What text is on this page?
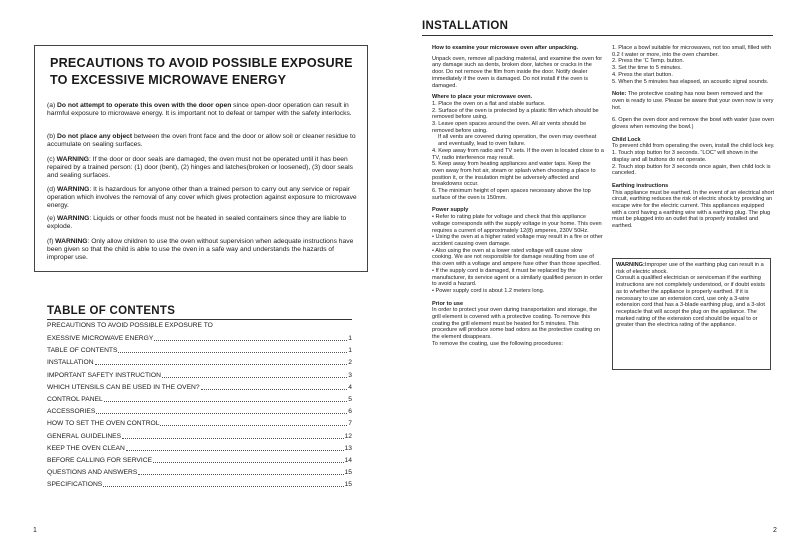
PRECAUTIONS TO AVOID POSSIBLE EXPOSURE
TO EXCESSIVE MICROWAVE ENERGY
(a) Do not attempt to operate this oven with the door open since open-door operation can result in harmful exposure to microwave energy. It is important not to defeat or tamper with the safety interlocks.
(b) Do not place any object between the oven front face and the door or allow soil or cleaner residue to accumulate on sealing surfaces.
(c) WARNING: If the door or door seals are damaged, the oven must not be operated until it has been repaired by a trained person: (1) door (bent), (2) hinges and latches(broken or loosened), (3) door seals and sealing surfaces.
(d) WARNING: It is hazardous for anyone other than a trained person to carry out any service or repair operation which involves the removal of any cover which gives protection against exposure to microwave energy.
(e) WARNING: Liquids or other foods must not be heated in sealed containers since they are liable to explode.
(f) WARNING: Only allow children to use the oven without supervision when adequate instructions have been given so that the child is able to use the oven in a safe way and understands the hazards of improper use.
TABLE OF CONTENTS
PRECAUTIONS TO AVOID POSSIBLE EXPOSURE TO
EXESSIVE MICROWAVE ENERGY	1
TABLE OF CONTENTS	1
INSTALLATION	2
IMPORTANT SAFETY INSTRUCTION	3
WHICH UTENSILS CAN BE USED IN THE OVEN?	4
CONTROL PANEL	5
ACCESSORIES	6
HOW TO SET THE OVEN CONTROL	7
GENERAL GUIDELINES	12
KEEP THE OVEN CLEAN	13
BEFORE CALLING FOR SERVICE	14
QUESTIONS AND ANSWERS	15
SPECIFICATIONS	15
1
INSTALLATION

How to examine your microwave oven after unpacking.

Unpack oven, remove all packing material, and examine the oven for any damage such as dents, broken door, latches or cracks in the door. Do not remove the film from inside the door. Notify dealer immediately if the oven is damaged. Do not install if the oven is damaged.

Where to place your microwave oven.

1. Place the oven on a flat and stable surface.

2. Surface of the oven is protected by a plastic film which should be removed before using.

3. Leave open spaces around the oven. All air vents should be removed before using.

If all vents are covered during operation, the oven may overheat and eventually, lead to oven failure.

4. Keep away from radio and TV sets. If the oven is located close to a TV, radio interference may result.

5. Keep away from heating appliances and water taps. Keep the oven away from hot air, steam or splash when choosing a place to position it, or the insulation might be adversely affected and breakdowns occur.

6. The minimum height of open spaces necessary above the top surface of the oven is 150mm.

Power supply

• Refer to rating plate for voltage and check that this appliance voltage corresponds with the supply voltage in your home. This oven requires a current of approximately 12(8) amperes, 230V 50Hz.

• Using the oven at a higher rated voltage may result in a fire or other accident causing oven damage.

• Also using the oven at a lower rated voltage will cause slow cooking. We are not responsible for damage resulting from use of this oven with a voltage and ampere fuse other than those specified.

• If the supply cord is damaged, it must be replaced by the manufacturer, its service agent or a similarly qualified person in order to avoid a hazard.

• Power supply cord is about 1.2 meters long.

Prior to use

In order to protect your oven during transportation and storage, the grill element is covered with a protective coating. To remove this coating the grill element must be heated for 5 minutes. This procedure will produce some bad odors as the protective coating on the element disappears.

To remove the coating, use the following procedures:

1. Place a bowl suitable for microwaves, not too small, filled with 0.2 ℓ water or more, into the oven chamber.

2. Press the ‘C Temp. button.

3. Set the time to 5 minutes.

4. Press the start button.

5. When the 5 minutes has elapsed, an acoustic signal sounds.

Note: The protective coating has now been removed and the oven is ready to use. Please be aware that your oven now is very hot.

6. Open the oven door and remove the bowl with water (use oven gloves when removing the bowl.)

Child Lock

To prevent child from operating the oven, install the child lock key.

1. Touch stop button for 3 seconds. “LOC” will shown in the display and all buttons do not operate.

2. Touch stop button for 3 seconds once again, then child lock is canceled.

Earthing instructions

This appliance must be earthed. In the event of an electrical short circuit, earthing reduces the risk of electric shock by providing an escape wire for the electric current. This appliances equipped with a cord having a earthing wire with a earthing plug. The plug must be plugged into an outlet that is properly installed and earthed.

WARNING:Improper use of the earthing plug can result in a risk of electric shock.

Consult a qualified electrician or serviceman if the earthing instructions are not completely understood, or if doubt exists as to whether the appliance is properly earthed. If it is necessary to use an extension cord, use only a 3-wire extension cord that has a 3-blade earthing plug, and a 3-slot receptacle that will accept the plug on the appliance. The marked rating of the extension cord should be equal to or greater than the electrica rating of the appliance.

2
